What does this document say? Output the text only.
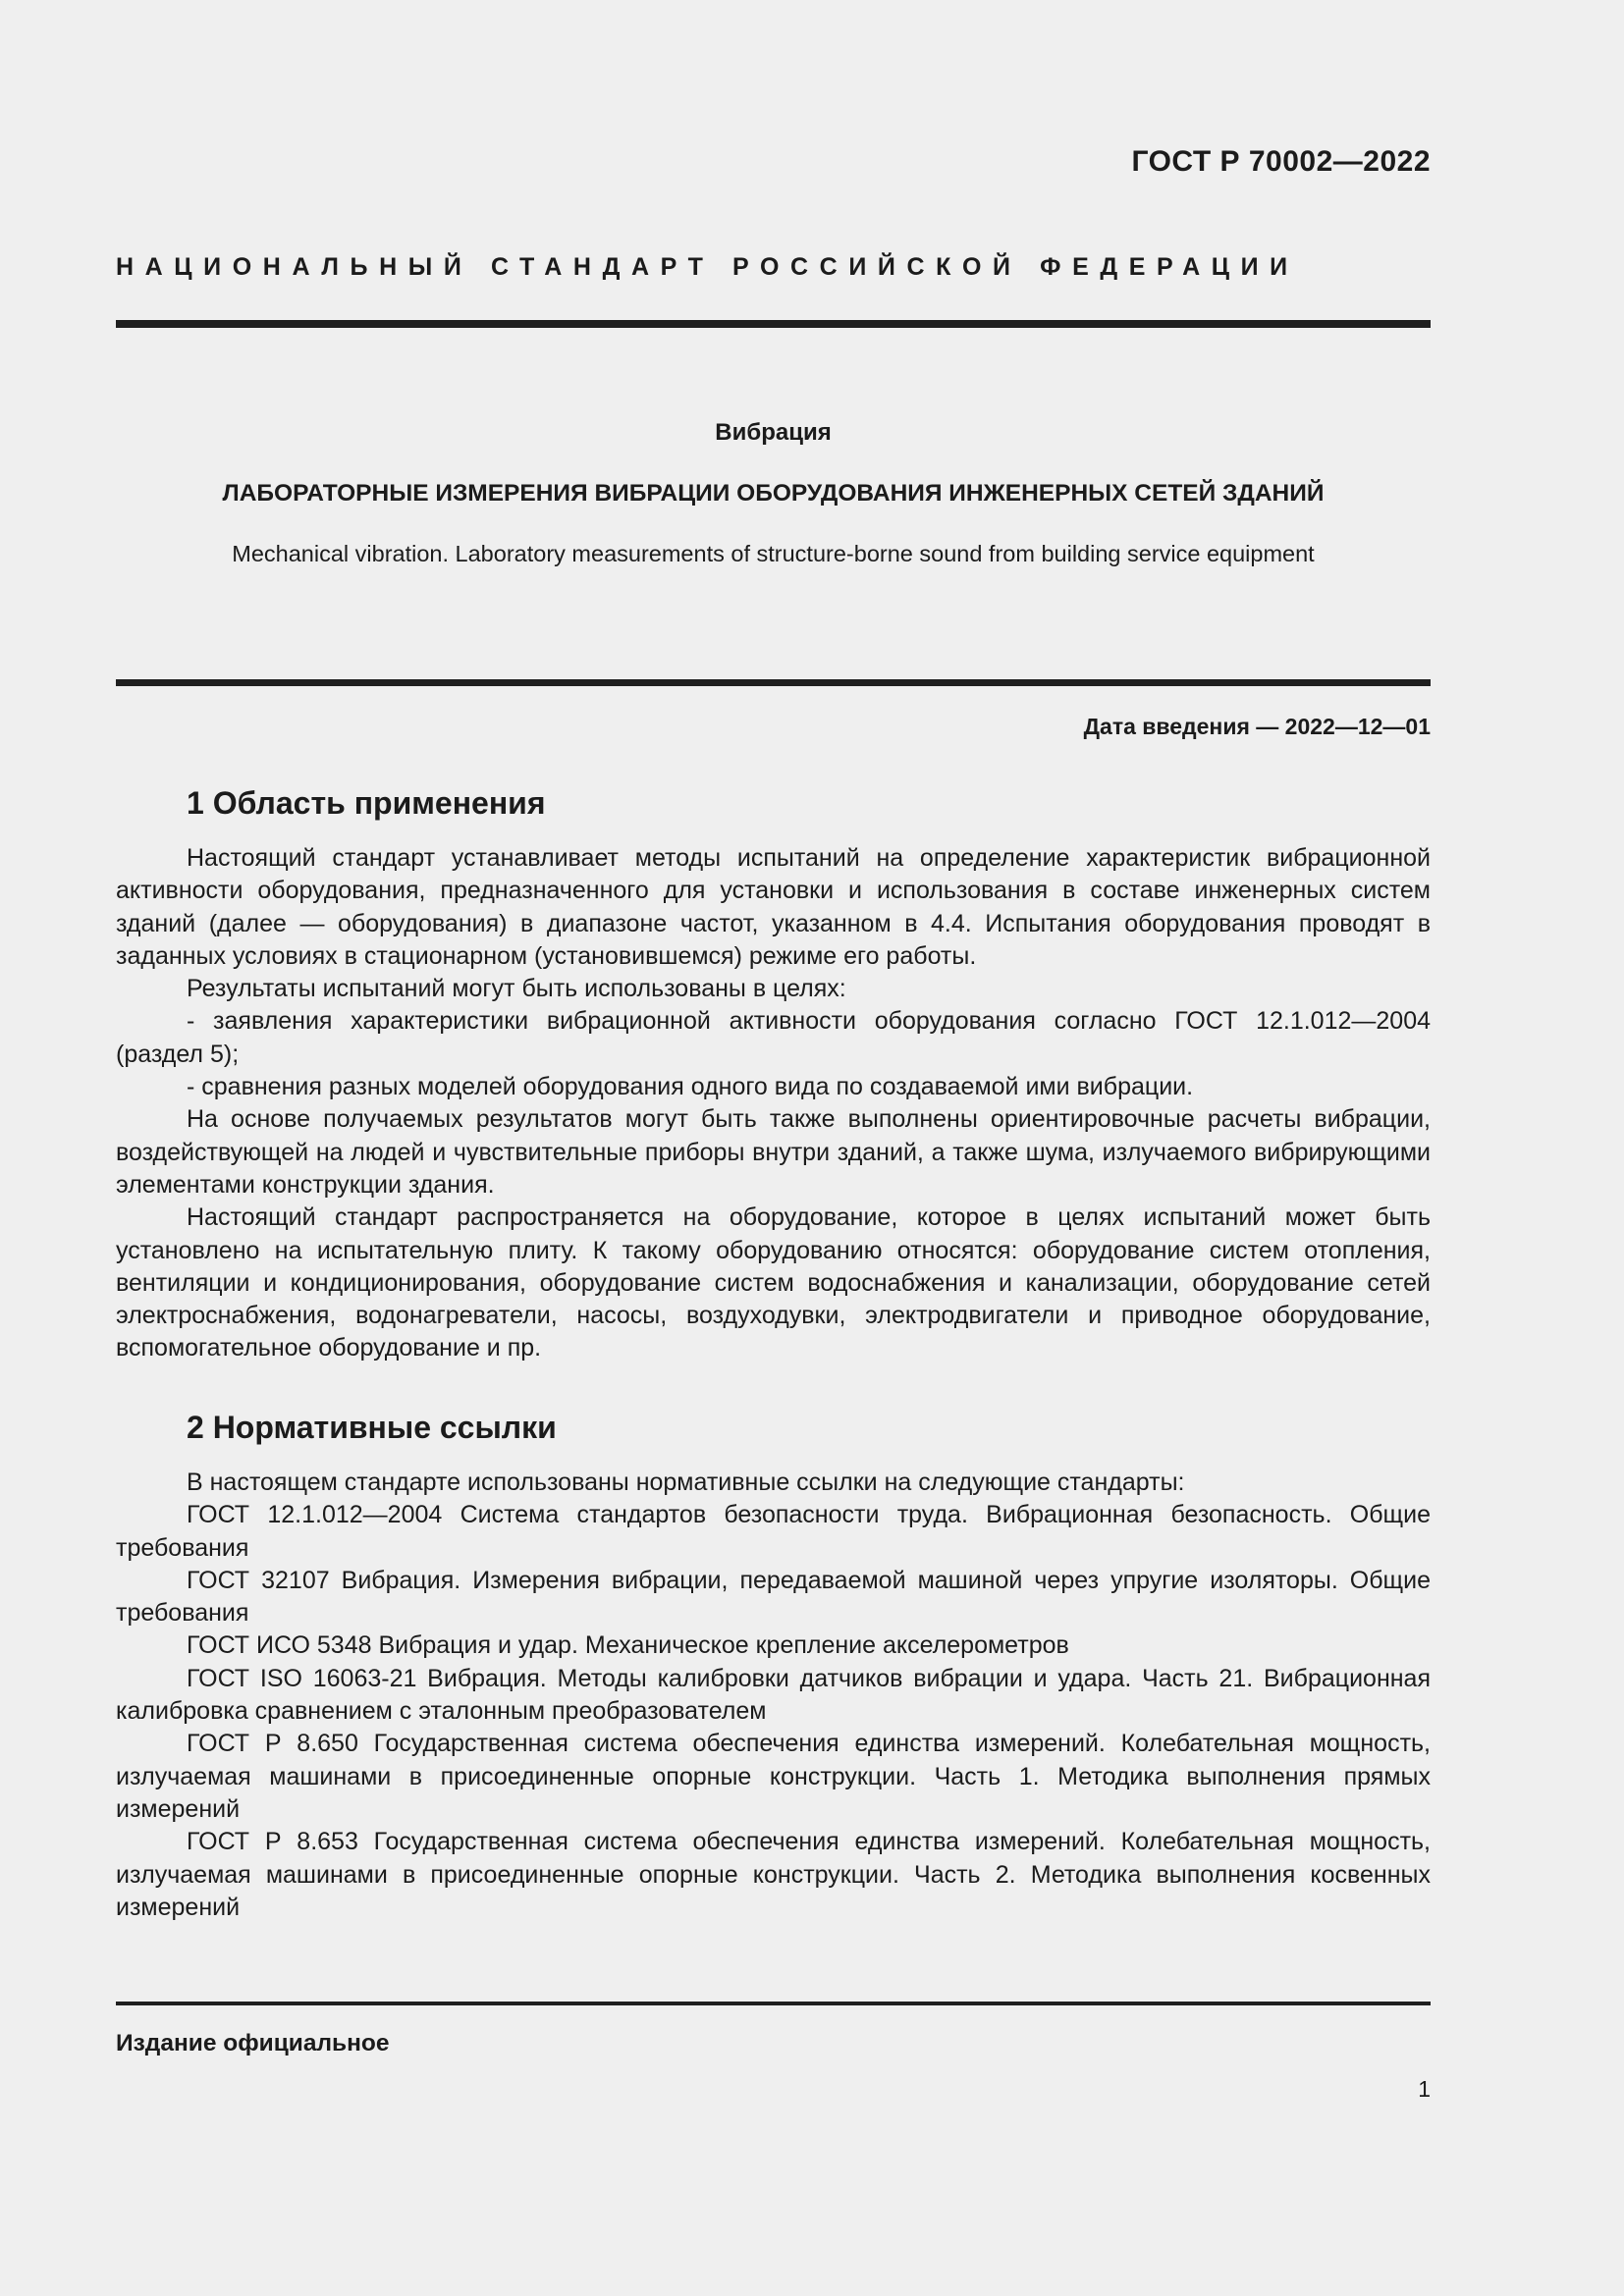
ГОСТ Р 70002—2022
НАЦИОНАЛЬНЫЙ СТАНДАРТ РОССИЙСКОЙ ФЕДЕРАЦИИ
Вибрация
ЛАБОРАТОРНЫЕ ИЗМЕРЕНИЯ ВИБРАЦИИ ОБОРУДОВАНИЯ ИНЖЕНЕРНЫХ СЕТЕЙ ЗДАНИЙ
Mechanical vibration. Laboratory measurements of structure-borne sound from building service equipment
Дата введения — 2022—12—01
1 Область применения

Настоящий стандарт устанавливает методы испытаний на определение характеристик вибрационной активности оборудования, предназначенного для установки и использования в составе инженерных систем зданий (далее — оборудования) в диапазоне частот, указанном в 4.4. Испытания оборудования проводят в заданных условиях в стационарном (установившемся) режиме его работы.

Результаты испытаний могут быть использованы в целях:

- заявления характеристики вибрационной активности оборудования согласно ГОСТ 12.1.012—2004 (раздел 5);

- сравнения разных моделей оборудования одного вида по создаваемой ими вибрации.

На основе получаемых результатов могут быть также выполнены ориентировочные расчеты вибрации, воздействующей на людей и чувствительные приборы внутри зданий, а также шума, излучаемого вибрирующими элементами конструкции здания.

Настоящий стандарт распространяется на оборудование, которое в целях испытаний может быть установлено на испытательную плиту. К такому оборудованию относятся: оборудование систем отопления, вентиляции и кондиционирования, оборудование систем водоснабжения и канализации, оборудование сетей электроснабжения, водонагреватели, насосы, воздуходувки, электродвигатели и приводное оборудование, вспомогательное оборудование и пр.

2 Нормативные ссылки

В настоящем стандарте использованы нормативные ссылки на следующие стандарты:

ГОСТ 12.1.012—2004 Система стандартов безопасности труда. Вибрационная безопасность. Общие требования

ГОСТ 32107 Вибрация. Измерения вибрации, передаваемой машиной через упругие изоляторы. Общие требования

ГОСТ ИСО 5348 Вибрация и удар. Механическое крепление акселерометров

ГОСТ ISO 16063-21 Вибрация. Методы калибровки датчиков вибрации и удара. Часть 21. Вибрационная калибровка сравнением с эталонным преобразователем

ГОСТ Р 8.650 Государственная система обеспечения единства измерений. Колебательная мощность, излучаемая машинами в присоединенные опорные конструкции. Часть 1. Методика выполнения прямых измерений

ГОСТ Р 8.653 Государственная система обеспечения единства измерений. Колебательная мощность, излучаемая машинами в присоединенные опорные конструкции. Часть 2. Методика выполнения косвенных измерений

Издание официальное
1
